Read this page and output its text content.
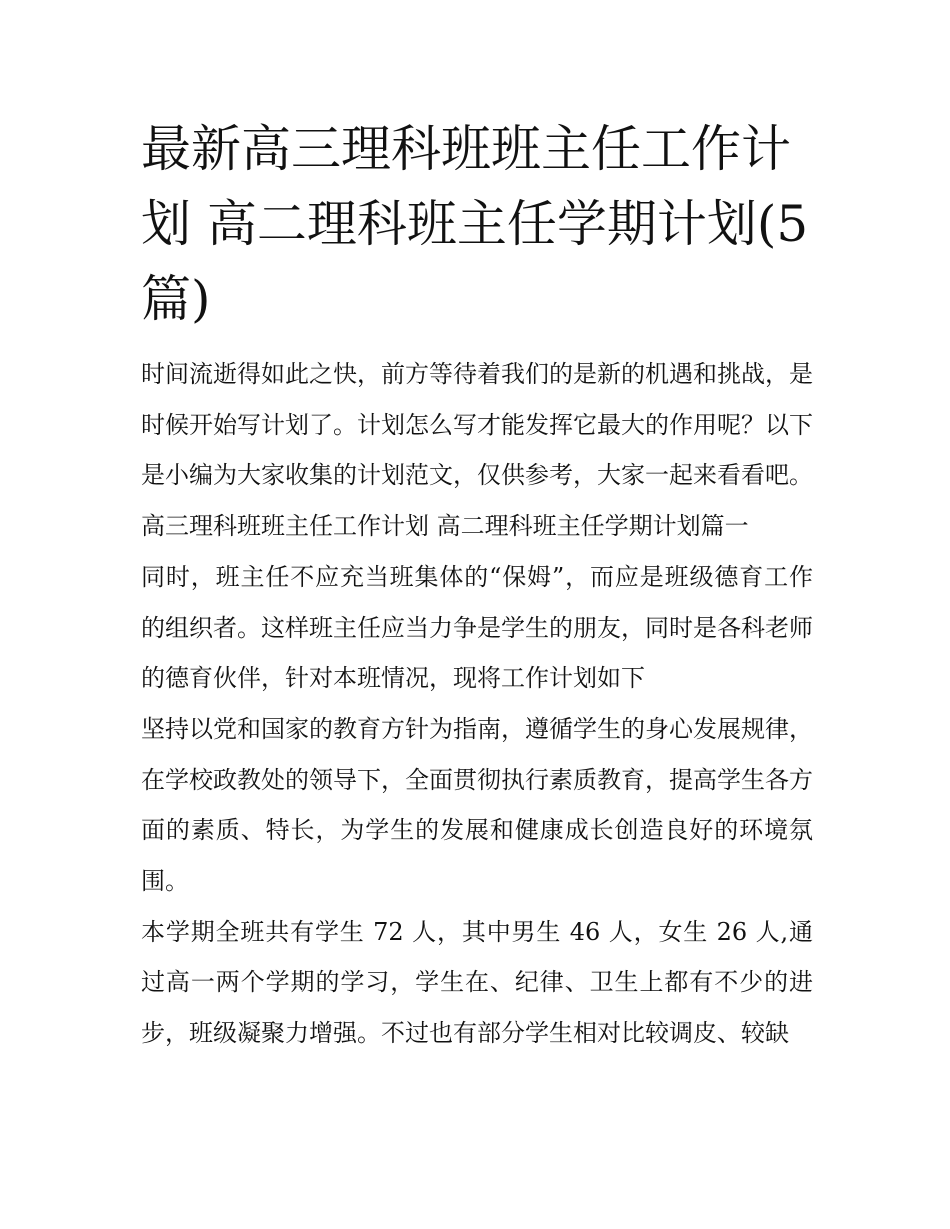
最新高三理科班班主任工作计划 高二理科班主任学期计划(5篇)

时间流逝得如此之快，前方等待着我们的是新的机遇和挑战，是时候开始写计划了。计划怎么写才能发挥它最大的作用呢？以下是小编为大家收集的计划范文，仅供参考，大家一起来看看吧。

高三理科班班主任工作计划 高二理科班主任学期计划篇一

同时，班主任不应充当班集体的“保姆”，而应是班级德育工作的组织者。这样班主任应当力争是学生的朋友，同时是各科老师的德育伙伴，针对本班情况，现将工作计划如下

坚持以党和国家的教育方针为指南，遵循学生的身心发展规律，在学校政教处的领导下，全面贯彻执行素质教育，提高学生各方面的素质、特长，为学生的发展和健康成长创造良好的环境氛围。

本学期全班共有学生 72 人，其中男生 46 人，女生 26 人,通过高一两个学期的学习，学生在、纪律、卫生上都有不少的进步，班级凝聚力增强。不过也有部分学生相对比较调皮、较缺
